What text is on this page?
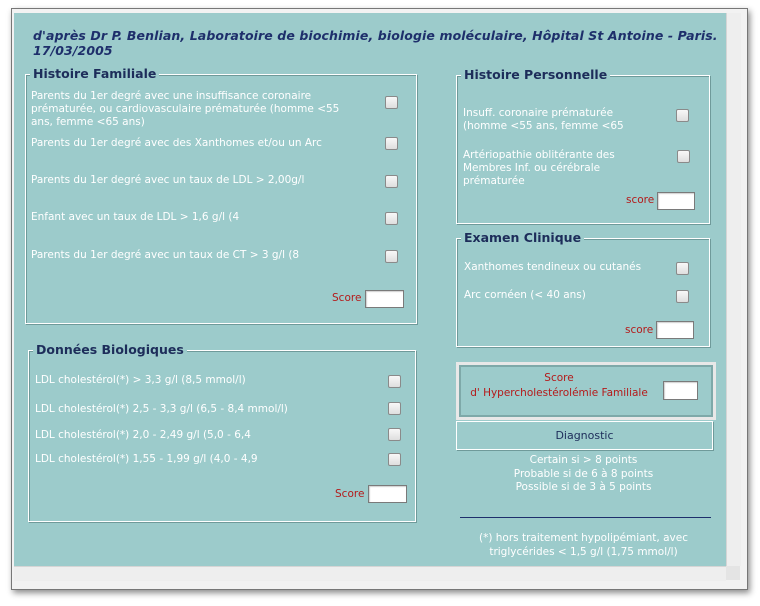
d'après Dr P. Benlian, Laboratoire de biochimie, biologie moléculaire, Hôpital St Antoine - Paris. 17/03/2005
Histoire Familiale
Parents du 1er degré avec une insuffisance coronaire
prématurée, ou cardiovasculaire prématurée (homme <55
ans, femme <65 ans)
Parents du 1er degré avec des Xanthomes et/ou un Arc
Parents du 1er degré avec un taux de LDL > 2,00g/l
Enfant avec un taux de LDL > 1,6 g/l (4
Parents du 1er degré avec un taux de CT > 3 g/l (8
Score
Données Biologiques
LDL cholestérol(*) > 3,3 g/l (8,5 mmol/l)
LDL cholestérol(*) 2,5 - 3,3 g/l (6,5 - 8,4 mmol/l)
LDL cholestérol(*) 2,0 - 2,49 g/l (5,0 - 6,4
LDL cholestérol(*) 1,55 - 1,99 g/l (4,0 - 4,9
Score
Histoire Personnelle
Insuff. coronaire prématurée
(homme <55 ans, femme <65
Artériopathie oblitérante des
Membres Inf. ou cérébrale
prématurée
score
Examen Clinique
Xanthomes tendineux ou cutanés
Arc cornéen (< 40 ans)
score
Score
d' Hypercholestérolémie Familiale
Diagnostic
Certain si > 8 points
Probable si de 6 à 8 points
Possible si de 3 à 5 points
(*) hors traitement hypolipémiant, avec
triglycérides < 1,5 g/l (1,75 mmol/l)
